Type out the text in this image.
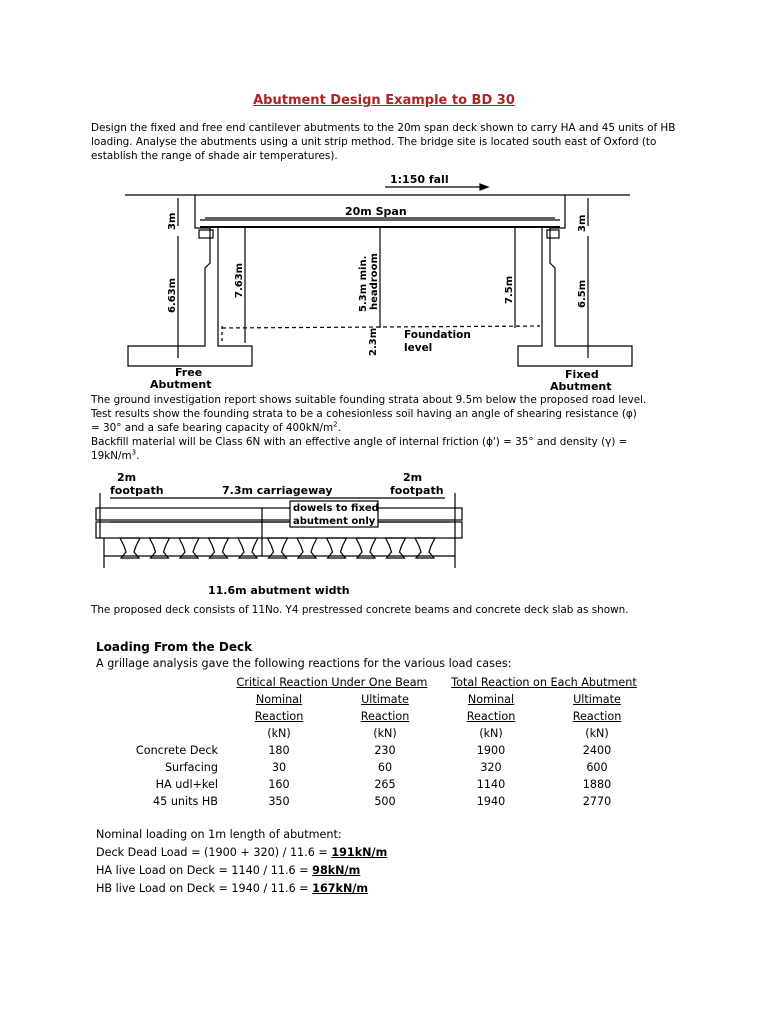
Abutment Design Example to BD 30
Design the fixed and free end cantilever abutments to the 20m span deck shown to carry HA and 45 units of HB loading. Analyse the abutments using a unit strip method. The bridge site is located south east of Oxford (to establish the range of shade air temperatures).
1:150 fall
20m Span
Foundation
level
Free
Abutment
Fixed
Abutment
3m
6.63m	7.63m	5.3m min. headroom
2.3m
7.5m	6.5m
3m
The ground investigation report shows suitable founding strata about 9.5m below the proposed road level.
Test results show the founding strata to be a cohesionless soil having an angle of shearing resistance (φ)
= 30° and a safe bearing capacity of $400kN/m^2$.
Backfill material will be Class 6N with an effective angle of internal friction (ϕ') = 35° and density (γ) =
$19kN/m^3$.
2m
footpath	7.3m carriageway
2m
footpath
dowels to fixed
abutment only
11.6m abutment width
The proposed deck consists of 11No. Y4 prestressed concrete beams and concrete deck slab as shown.
Loading From the Deck
A grillage analysis gave the following reactions for the various load cases:
	Critical Reaction Under One Beam		Total Reaction on Each Abutment	
	Nominal	Ultimate	Nominal	Ultimate
	Reaction	Reaction	Reaction	Reaction
	(kN)	(kN)	(kN)	(kN)
Concrete Deck	180	230	1900	2400
Surfacing	30	60	320	600
HA udl+kel	160	265	1140	1880
45 units HB	350	500	1940	2770
Nominal loading on 1m length of abutment:
Deck Dead Load = (1900 + 320) / 11.6 = 191kN/m
HA live Load on Deck = 1140 / 11.6 = 98kN/m
HB live Load on Deck = 1940 / 11.6 = 167kN/m
